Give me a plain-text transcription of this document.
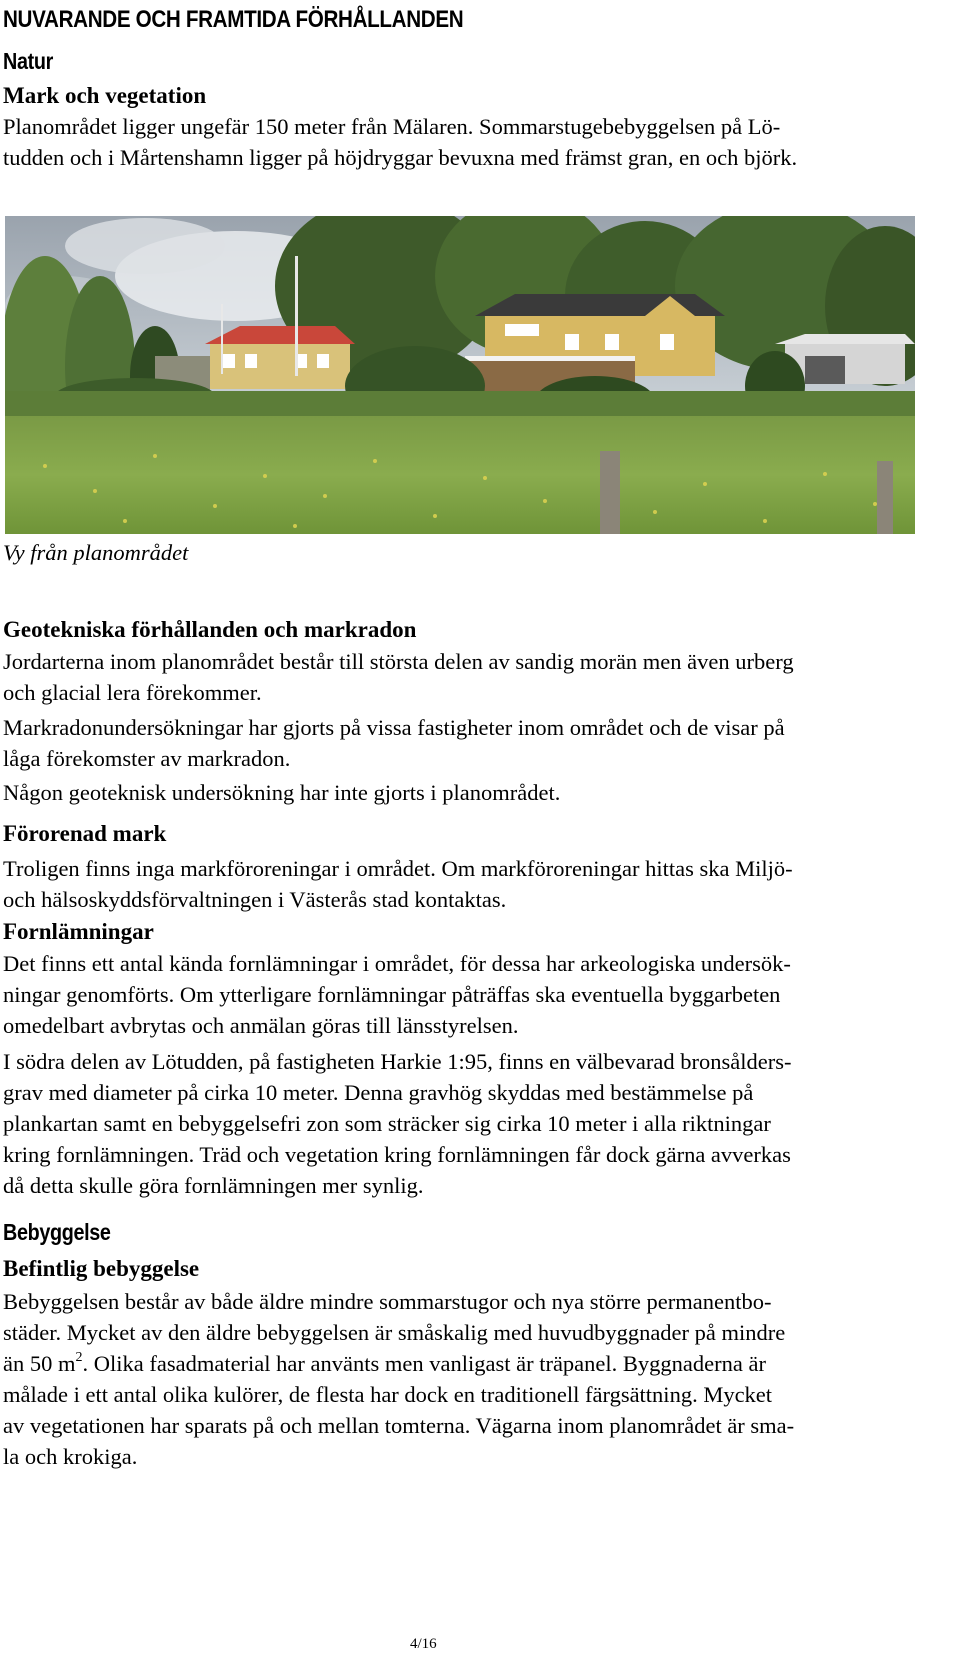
NUVARANDE OCH FRAMTIDA FÖRHÅLLANDEN
Natur
Mark och vegetation
Planområdet ligger ungefär 150 meter från Mälaren. Sommarstugebebyggelsen på Lö-
tudden och i Mårtenshamn ligger på höjdryggar bevuxna med främst gran, en och björk.
Vy från planområdet
Geotekniska förhållanden och markradon
Jordarterna inom planområdet består till största delen av sandig morän men även urberg
och glacial lera förekommer.
Markradonundersökningar har gjorts på vissa fastigheter inom området och de visar på
låga förekomster av markradon.
Någon geoteknisk undersökning har inte gjorts i planområdet.
Förorenad mark
Troligen finns inga markföroreningar i området. Om markföroreningar hittas ska Miljö-
och hälsoskyddsförvaltningen i Västerås stad kontaktas.
Fornlämningar
Det finns ett antal kända fornlämningar i området, för dessa har arkeologiska undersök-
ningar genomförts. Om ytterligare fornlämningar påträffas ska eventuella byggarbeten
omedelbart avbrytas och anmälan göras till länsstyrelsen.
I södra delen av Lötudden, på fastigheten Harkie 1:95, finns en välbevarad bronsålders-
grav med diameter på cirka 10 meter. Denna gravhög skyddas med bestämmelse på
plankartan samt en bebyggelsefri zon som sträcker sig cirka 10 meter i alla riktningar
kring fornlämningen. Träd och vegetation kring fornlämningen får dock gärna avverkas
då detta skulle göra fornlämningen mer synlig.
Bebyggelse
Befintlig bebyggelse
Bebyggelsen består av både äldre mindre sommarstugor och nya större permanentbo-
städer. Mycket av den äldre bebyggelsen är småskalig med huvudbyggnader på mindre
än 50 $m^2$. Olika fasadmaterial har använts men vanligast är träpanel. Byggnaderna är
målade i ett antal olika kulörer, de flesta har dock en traditionell färgsättning. Mycket
av vegetationen har sparats på och mellan tomterna. Vägarna inom planområdet är sma-
la och krokiga.
4/16
